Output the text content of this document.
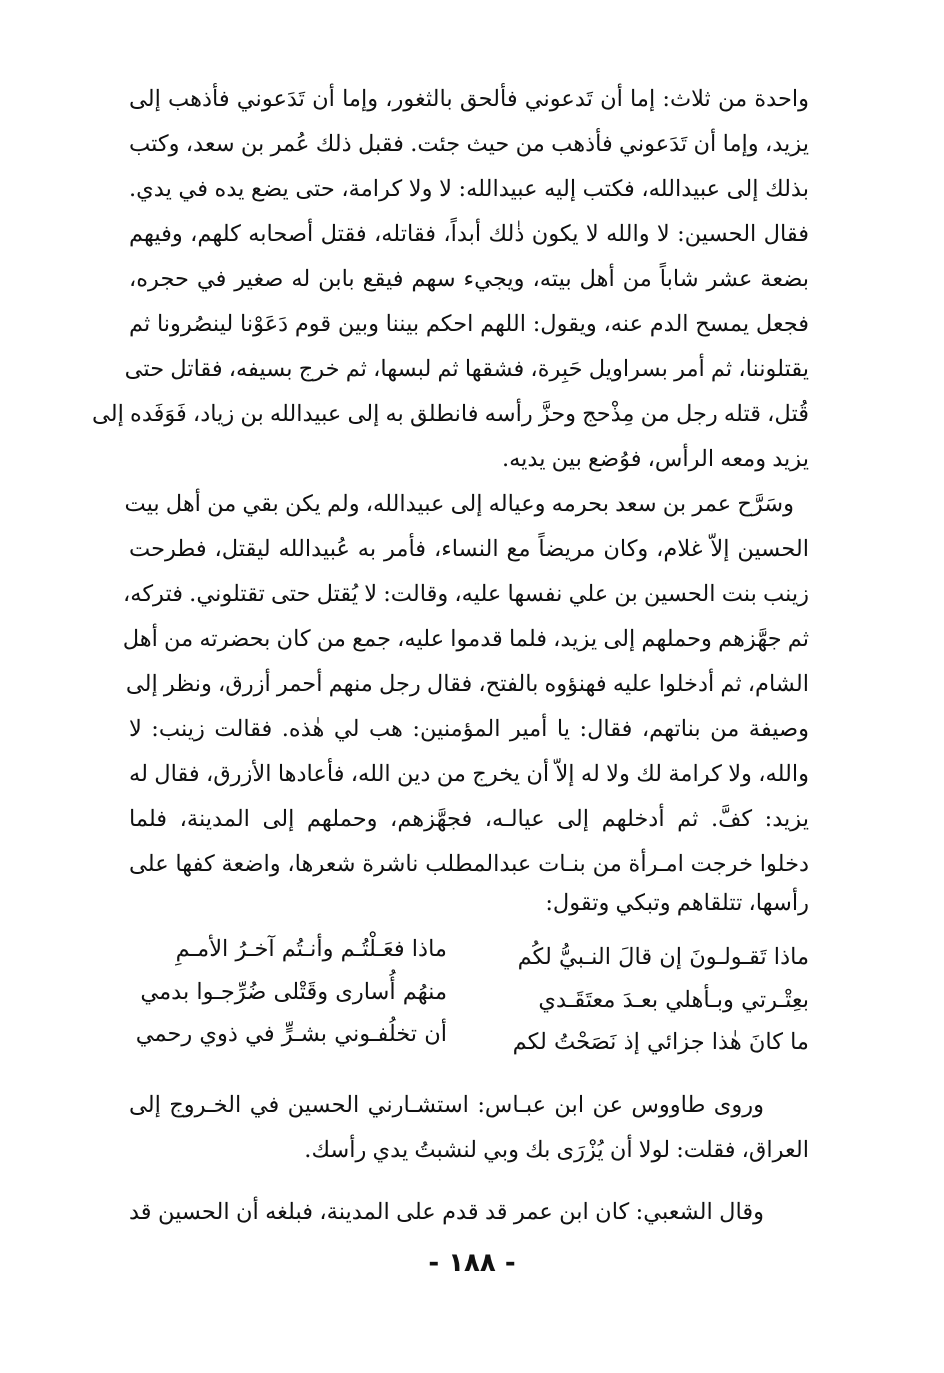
واحدة من ثلاث: إما أن تَدعوني فألحق بالثغور، وإما أن تَدَعوني فأذهب إلى
يزيد، وإما أن تَدَعوني فأذهب من حيث جئت. فقبل ذلك عُمر بن سعد، وكتب
بذلك إلى عبيدالله، فكتب إليه عبيدالله: لا ولا كرامة، حتى يضع يده في يدي.
فقال الحسين: لا والله لا يكون ذٰلك أبداً، فقاتله، فقتل أصحابه كلهم، وفيهم
بضعة عشر شاباً من أهل بيته، ويجيء سهم فيقع بابن له صغير في حجره،
فجعل يمسح الدم عنه، ويقول: اللهم احكم بيننا وبين قوم دَعَوْنا لينصُرونا ثم
يقتلوننا، ثم أمر بسراويل حَبِرة، فشقها ثم لبسها، ثم خرج بسيفه، فقاتل حتى
قُتل، قتله رجل من مِذْحج وحزَّ رأسه فانطلق به إلى عبيدالله بن زياد، فَوَفَده إلى
يزيد ومعه الرأس، فوُضع بين يديه.
وسَرَّح عمر بن سعد بحرمه وعياله إلى عبيدالله، ولم يكن بقي من أهل بيت
الحسين إلاّ غلام، وكان مريضاً مع النساء، فأمر به عُبيدالله ليقتل، فطرحت
زينب بنت الحسين بن علي نفسها عليه، وقالت: لا يُقتل حتى تقتلوني. فتركه،
ثم جهَّزهم وحملهم إلى يزيد، فلما قدموا عليه، جمع من كان بحضرته من أهل
الشام، ثم أدخلوا عليه فهنؤوه بالفتح، فقال رجل منهم أحمر أزرق، ونظر إلى
وصيفة من بناتهم، فقال: يا أمير المؤمنين: هب لي هٰذه. فقالت زينب: لا
والله، ولا كرامة لك ولا له إلاّ أن يخرج من دين الله، فأعادها الأزرق، فقال له
يزيد: كفَّ. ثم أدخلهم إلى عيالـه، فجهَّزهم، وحملهم إلى المدينة، فلما
دخلوا خرجت امـرأة من بنـات عبدالمطلب ناشرة شعرها، واضعة كفها على
رأسها، تتلقاهم وتبكي وتقول:
ماذا تَقـولـونَ إن قالَ النـبيُّ لكُم
ماذا فعَـلْتُـم وأنـتُم آخـرُ الأمـمِ
بعِتْـرتي وبـأهلي بعـدَ معتَقَـدي
منهُم أُسارى وقَتْلى ضُرِّجـوا بدمي
ما كانَ هٰذا جزائي إذ نَصَحْتُ لكم
أن تخلُفـوني بشـرٍّ في ذوي رحمي
وروى طاووس عن ابن عبـاس: استشـارني الحسين في الخـروج إلى
العراق، فقلت: لولا أن يُزْرَى بك وبي لنشبتُ يدي رأسك.
وقال الشعبي: كان ابن عمر قد قدم على المدينة، فبلغه أن الحسين قد
- ١٨٨ -
